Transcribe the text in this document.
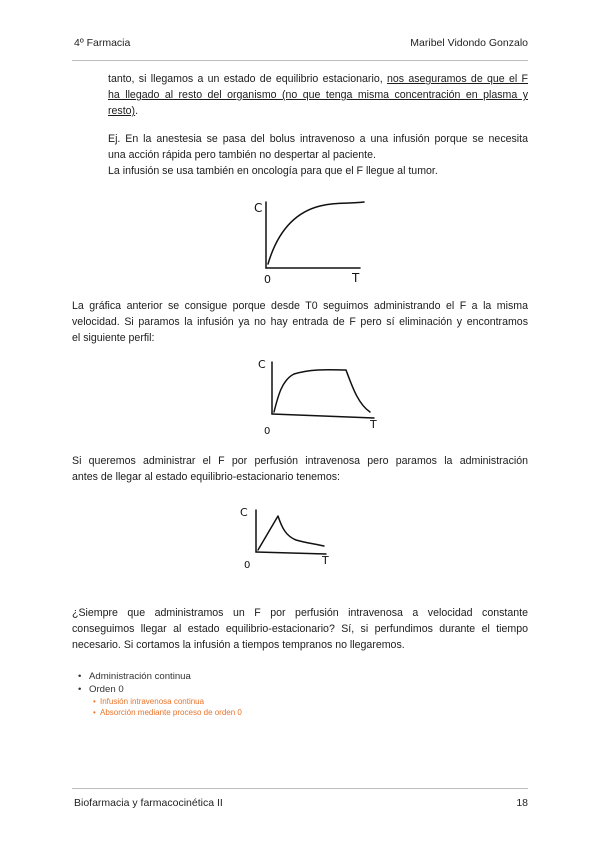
4º Farmacia	Maribel Vidondo Gonzalo
tanto, si llegamos a un estado de equilibrio estacionario, nos aseguramos de que el F
ha llegado al resto del organismo (no que tenga misma concentración en plasma y
resto).
Ej. En la anestesia se pasa del bolus intravenoso a una infusión porque se necesita
una acción rápida pero también no despertar al paciente.
La infusión se usa también en oncología para que el F llegue al tumor.
C
0	T
La gráfica anterior se consigue porque desde T0 seguimos administrando el F a la misma
velocidad. Si paramos la infusión ya no hay entrada de F pero sí eliminación y encontramos
el siguiente perfil:
C
0
T
Si queremos administrar el F por perfusión intravenosa pero paramos la administración
antes de llegar al estado equilibrio-estacionario tenemos:
C
0	T
¿Siempre que administramos un F por perfusión intravenosa a velocidad constante
conseguimos llegar al estado equilibrio-estacionario? Sí, si perfundimos durante el tiempo
necesario. Si cortamos la infusión a tiempos tempranos no llegaremos.
• Administración continua
• Orden 0
• Infusión intravenosa continua
• Absorción mediante proceso de orden 0
Biofarmacia y farmacocinética II	18
